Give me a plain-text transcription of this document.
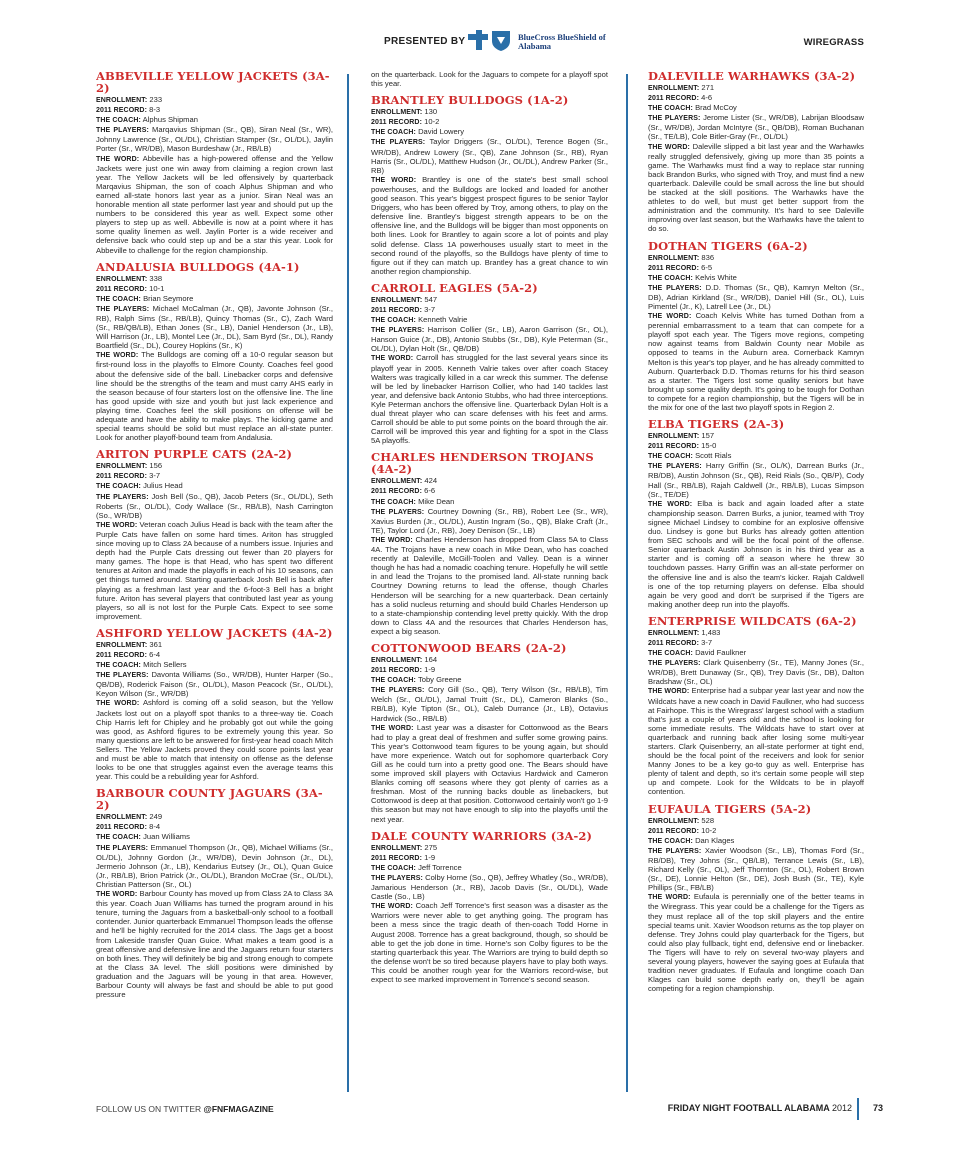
PRESENTED BY	BlueCross BlueShield of Alabama	WIREGRASS
ABBEVILLE YELLOW JACKETS (3A-2)
ENROLLMENT: 233
2011 RECORD: 8-3
THE COACH: Alphus Shipman
THE PLAYERS: Marqavius Shipman (Sr., QB), Siran Neal (Sr., WR), Johnny Lawrence (Sr., OL/DL), Christian Stamper (Sr., OL/DL), Jaylin Porter (Sr., WR/DB), Mason Burdeshaw (Jr., RB/LB)
THE WORD: Abbeville has a high-powered offense and the Yellow Jackets were just one win away from claiming a region crown last year. The Yellow Jackets will be led offensively by quarterback Marqavius Shipman, the son of coach Alphus Shipman and who earned all-state honors last year as a junior. Siran Neal was an honorable mention all state performer last year and should put up the numbers to be considered this year as well. Expect some other players to step up as well. Abbeville is now at a point where it has some quality linemen as well. Jaylin Porter is a wide receiver and defensive back who could step up and be a star this year. Look for Abbeville to challenge for the region championship.
ANDALUSIA BULLDOGS (4A-1)
ENROLLMENT: 338
2011 RECORD: 10-1
THE COACH: Brian Seymore
THE PLAYERS: Michael McCalman (Jr., QB), Javonte Johnson (Sr., RB), Ralph Sims (Sr., RB/LB), Quincy Thomas (Sr., C), Zach Ward (Sr., RB/QB/LB), Ethan Jones (Sr., LB), Daniel Henderson (Jr., LB), Will Harrison (Jr., LB), Montel Lee (Jr., DL), Sam Byrd (Sr., DL), Randy Boartfield (Sr., DL), Courey Hopkins (Sr., K)
THE WORD: The Bulldogs are coming off a 10-0 regular season but first-round loss in the playoffs to Elmore County. Coaches feel good about the defensive side of the ball. Linebacker corps and defensive line should be the strengths of the team and must carry AHS early in the season because of four starters lost on the offensive line. The line has good upside with size and youth but just lack experience and playing time. Coaches feel the skill positions on offense will be adequate and have the ability to make plays. The kicking game and special teams should be solid but must replace an all-state punter. Look for another playoff-bound team from Andalusia.
ARITON PURPLE CATS (2A-2)
ENROLLMENT: 156
2011 RECORD: 3-7
THE COACH: Julius Head
THE PLAYERS: Josh Bell (So., QB), Jacob Peters (Sr., OL/DL), Seth Roberts (Sr., OL/DL), Cody Wallace (Sr., RB/LB), Nash Carrington (So., WR/DB)
THE WORD: Veteran coach Julius Head is back with the team after the Purple Cats have fallen on some hard times. Ariton has struggled since moving up to Class 2A because of a numbers issue. Injuries and depth had the Purple Cats dressing out fewer than 20 players for many games. The hope is that Head, who has spent two different tenures at Ariton and made the playoffs in each of his 10 seasons, can get things turned around. Starting quarterback Josh Bell is back after playing as a freshman last year and the 6-foot-3 Bell has a bright future. Ariton has several players that contributed last year as young players, so all is not lost for the Purple Cats. Expect to see some improvement.
ASHFORD YELLOW JACKETS (4A-2)
ENROLLMENT: 361
2011 RECORD: 6-4
THE COACH: Mitch Sellers
THE PLAYERS: Davonta Williams (So., WR/DB), Hunter Harper (So., QB/DB), Roderick Faison (Sr., OL/DL), Mason Peacock (Sr., OL/DL), Keyon Wilson (Sr., WR/DB)
THE WORD: Ashford is coming off a solid season, but the Yellow Jackets lost out on a playoff spot thanks to a three-way tie. Coach Chip Harris left for Chipley and he probably got out while the going was good, as Ashford figures to be extremely young this year. So many questions are left to be answered for first-year head coach Mitch Sellers. The Yellow Jackets proved they could score points last year and must be able to match that intensity on offense as the defense looks to be one that struggles against even the average teams this year. This could be a rebuilding year for Ashford.
BARBOUR COUNTY JAGUARS (3A-2)
ENROLLMENT: 249
2011 RECORD: 8-4
THE COACH: Juan Williams
THE PLAYERS: Emmanuel Thompson (Jr., QB), Michael Williams (Sr., OL/DL), Johnny Gordon (Jr., WR/DB), Devin Johnson (Jr., DL), Jermerio Johnson (Jr., LB), Kendarius Eutsey (Jr., OL), Quan Guice (Jr., RB/LB), Brion Patrick (Jr., OL/DL), Brandon McCrae (Sr., OL/DL), Christian Patterson (Sr., OL)
THE WORD: Barbour County has moved up from Class 2A to Class 3A this year. Coach Juan Williams has turned the program around in his tenure, turning the Jaguars from a basketball-only school to a football contender. Junior quarterback Emmanuel Thompson leads the offense and he'll be highly recruited for the 2014 class. The Jags get a boost from Lakeside transfer Quan Guice. What makes a team good is a great offensive and defensive line and the Jaguars return four starters on both lines. They will definitely be big and strong enough to compete at the Class 3A level. The skill positions were diminished by graduation and the Jaguars will be young in that area. However, Barbour County will always be fast and should be able to put good pressure
on the quarterback. Look for the Jaguars to compete for a playoff spot this year.
BRANTLEY BULLDOGS (1A-2)
ENROLLMENT: 130
2011 RECORD: 10-2
THE COACH: David Lowery
THE PLAYERS: Taylor Driggers (Sr., OL/DL), Terence Bogen (Sr., WR/DB), Andrew Lowery (Sr., QB), Zane Johnson (Sr., RB), Ryan Harris (Sr., OL/DL), Matthew Hudson (Jr., OL/DL), Andrew Parker (Sr., RB)
THE WORD: Brantley is one of the state's best small school powerhouses, and the Bulldogs are locked and loaded for another good season. This year's biggest prospect figures to be senior Taylor Driggers, who has been offered by Troy, among others, to play on the defensive line. Brantley's biggest strength appears to be on the offensive line, and the Bulldogs will be bigger than most opponents on both lines. Look for Brantley to again score a lot of points and play solid defense. Class 1A powerhouses usually start to meet in the second round of the playoffs, so the Bulldogs have plenty of time to figure out if they can match up. Brantley has a great chance to win another region championship.
CARROLL EAGLES (5A-2)
ENROLLMENT: 547
2011 RECORD: 3-7
THE COACH: Kenneth Valrie
THE PLAYERS: Harrison Collier (Sr., LB), Aaron Garrison (Sr., OL), Hanson Guice (Jr., DB), Antonio Stubbs (Sr., DB), Kyle Peterman (Sr., OL/DL), Dylan Holt (Sr., QB/DB)
THE WORD: Carroll has struggled for the last several years since its playoff year in 2005. Kenneth Valrie takes over after coach Stacey Walters was tragically killed in a car wreck this summer. The defense will be led by linebacker Harrison Collier, who had 140 tackles last year, and defensive back Antonio Stubbs, who had three interceptions. Kyle Peterman anchors the offensive line. Quarterback Dylan Holt is a dual threat player who can scare defenses with his feet and arms. Carroll should be able to put some points on the board through the air. Carroll will be improved this year and fighting for a spot in the Class 5A playoffs.
CHARLES HENDERSON TROJANS (4A-2)
ENROLLMENT: 424
2011 RECORD: 6-6
THE COACH: Mike Dean
THE PLAYERS: Courtney Downing (Sr., RB), Robert Lee (Sr., WR), Xavius Burden (Jr., OL/DL), Austin Ingram (So., QB), Blake Craft (Jr., TE), Taylor Lord (Jr., RB), Joey Denison (Sr., LB)
THE WORD: Charles Henderson has dropped from Class 5A to Class 4A. The Trojans have a new coach in Mike Dean, who has coached recently at Daleville, McGill-Toolen and Valley. Dean is a winner though he has had a nomadic coaching tenure. Hopefully he will settle in and lead the Trojans to the promised land. All-state running back Courtney Downing returns to lead the offense, though Charles Henderson will be searching for a new quarterback. Dean certainly has a solid nucleus returning and should build Charles Henderson up to a state-championship contending level pretty quickly. With the drop down to Class 4A and the resources that Charles Henderson has, expect a big season.
COTTONWOOD BEARS (2A-2)
ENROLLMENT: 164
2011 RECORD: 1-9
THE COACH: Toby Greene
THE PLAYERS: Cory Gill (So., QB), Terry Wilson (Sr., RB/LB), Tim Welch (Sr., OL/DL), Jamal Truitt (Sr., DL), Cameron Blanks (So., RB/LB), Kyle Tipton (Sr., OL), Caleb Durrance (Jr., LB), Octavius Hardwick (So., RB/LB)
THE WORD: Last year was a disaster for Cottonwood as the Bears had to play a great deal of freshmen and suffer some growing pains. This year's Cottonwood team figures to be young again, but should have more experience. Watch out for sophomore quarterback Cory Gill as he could turn into a pretty good one. The Bears should have some improved skill players with Octavius Hardwick and Cameron Blanks coming off seasons where they got plenty of carries as a freshman. Most of the running backs double as linebackers, but Cottonwood is deep at that position. Cottonwood certainly won't go 1-9 this season but may not have enough to slip into the playoffs until the next year.
DALE COUNTY WARRIORS (3A-2)
ENROLLMENT: 275
2011 RECORD: 1-9
THE COACH: Jeff Torrence
THE PLAYERS: Colby Horne (So., QB), Jeffrey Whatley (So., WR/DB), Jamarious Henderson (Jr., RB), Jacob Davis (Sr., OL/DL), Wade Castle (So., LB)
THE WORD: Coach Jeff Torrence's first season was a disaster as the Warriors were never able to get anything going. The program has been a mess since the tragic death of then-coach Todd Horne in August 2008. Torrence has a great background, though, so should be able to get the job done in time. Horne's son Colby figures to be the starting quarterback this year. The Warriors are trying to build depth so the defense won't be so tired because players have to play both ways. This could be another rough year for the Warriors record-wise, but expect to see marked improvement in Torrence's second season.
DALEVILLE WARHAWKS (3A-2)
ENROLLMENT: 271
2011 RECORD: 4-6
THE COACH: Brad McCoy
THE PLAYERS: Jerome Lister (Sr., WR/DB), Labrijan Bloodsaw (Sr., WR/DB), Jordan McIntyre (Sr., QB/DB), Roman Buchanan (Sr., TE/LB), Cole Bitler-Gray (Fr., OL/DL)
THE WORD: Daleville slipped a bit last year and the Warhawks really struggled defensively, giving up more than 35 points a game. The Warhawks must find a way to replace star running back Brandon Burks, who signed with Troy, and must find a new quarterback. Daleville could be small across the line but should be stacked at the skill positions. The Warhawks have the athletes to do well, but must get better support from the administration and the community. It's hard to see Daleville improving over last season, but the Warhawks have the talent to do so.
DOTHAN TIGERS (6A-2)
ENROLLMENT: 836
2011 RECORD: 6-5
THE COACH: Kelvis White
THE PLAYERS: D.D. Thomas (Sr., QB), Kamryn Melton (Sr., DB), Adrian Kirkland (Sr., WR/DB), Daniel Hill (Sr., OL), Luis Pimentel (Jr., K), Latrell Lee (Jr., DL)
THE WORD: Coach Kelvis White has turned Dothan from a perennial embarrassment to a team that can compete for a playoff spot each year. The Tigers move regions, competing now against teams from Baldwin County near Mobile as opposed to teams in the Auburn area. Cornerback Kamryn Melton is this year's top player, and he has already committed to Auburn. Quarterback D.D. Thomas returns for his third season as a starter. The Tigers lost some quality seniors but have brought up some quality depth. It's going to be tough for Dothan to compete for a region championship, but the Tigers will be in the mix for one of the last two playoff spots in Region 2.
ELBA TIGERS (2A-3)
ENROLLMENT: 157
2011 RECORD: 15-0
THE COACH: Scott Rials
THE PLAYERS: Harry Griffin (Sr., OL/K), Darrean Burks (Jr., RB/DB), Austin Johnson (Sr., QB), Reid Rials (So., QB/P), Cody Hall (Sr., RB/LB), Rajah Caldwell (Jr., RB/LB), Lucas Simpson (Sr., TE/DE)
THE WORD: Elba is back and again loaded after a state championship season. Darren Burks, a junior, teamed with Troy signee Michael Lindsey to combine for an explosive offensive duo. Lindsey is gone but Burks has already gotten attention from SEC schools and will be the focal point of the offense. Senior quarterback Austin Johnson is in his third year as a starter and is coming off a season where he threw 30 touchdown passes. Harry Griffin was an all-state performer on the offensive line and is also the team's kicker. Rajah Caldwell is one of the top returning players on defense. Elba should again be very good and don't be surprised if the Tigers are making another deep run into the playoffs.
ENTERPRISE WILDCATS (6A-2)
ENROLLMENT: 1,483
2011 RECORD: 3-7
THE COACH: David Faulkner
THE PLAYERS: Clark Quisenberry (Sr., TE), Manny Jones (Sr., WR/DB), Brett Dunaway (Sr., QB), Trey Davis (Sr., DB), Dalton Bradshaw (Sr., OL)
THE WORD: Enterprise had a subpar year last year and now the Wildcats have a new coach in David Faulkner, who had success at Fairhope. This is the Wiregrass' largest school with a stadium that's just a couple of years old and the school is looking for some immediate results. The Wildcats have to start over at quarterback and running back after losing some multi-year starters. Clark Quisenberry, an all-state performer at tight end, should be the focal point of the receivers and look for senior Manny Jones to be a key go-to guy as well. Enterprise has plenty of talent and depth, so it's certain some people will step up and compete. Look for the Wildcats to be in playoff contention.
EUFAULA TIGERS (5A-2)
ENROLLMENT: 528
2011 RECORD: 10-2
THE COACH: Dan Klages
THE PLAYERS: Xavier Woodson (Sr., LB), Thomas Ford (Sr., RB/DB), Trey Johns (Sr., QB/LB), Terrance Lewis (Sr., LB), Richard Kelly (Sr., OL), Jeff Thornton (Sr., OL), Robert Brown (Sr., DE), Lonnie Helton (Sr., DE), Josh Bush (Sr., TE), Kyle Phillips (Sr., FB/LB)
THE WORD: Eufaula is perennially one of the better teams in the Wiregrass. This year could be a challenge for the Tigers as they must replace all of the top skill players and the entire special teams unit. Xavier Woodson returns as the top player on defense. Trey Johns could play quarterback for the Tigers, but could also play fullback, tight end, defensive end or linebacker. The Tigers will have to rely on several two-way players and several young players, however the saying goes at Eufaula that tradition never graduates. If Eufaula and longtime coach Dan Klages can build some depth early on, they'll be again competing for a region championship.
FOLLOW US ON TWITTER @FNFMAGAZINE	FRIDAY NIGHT FOOTBALL ALABAMA 2012 73
